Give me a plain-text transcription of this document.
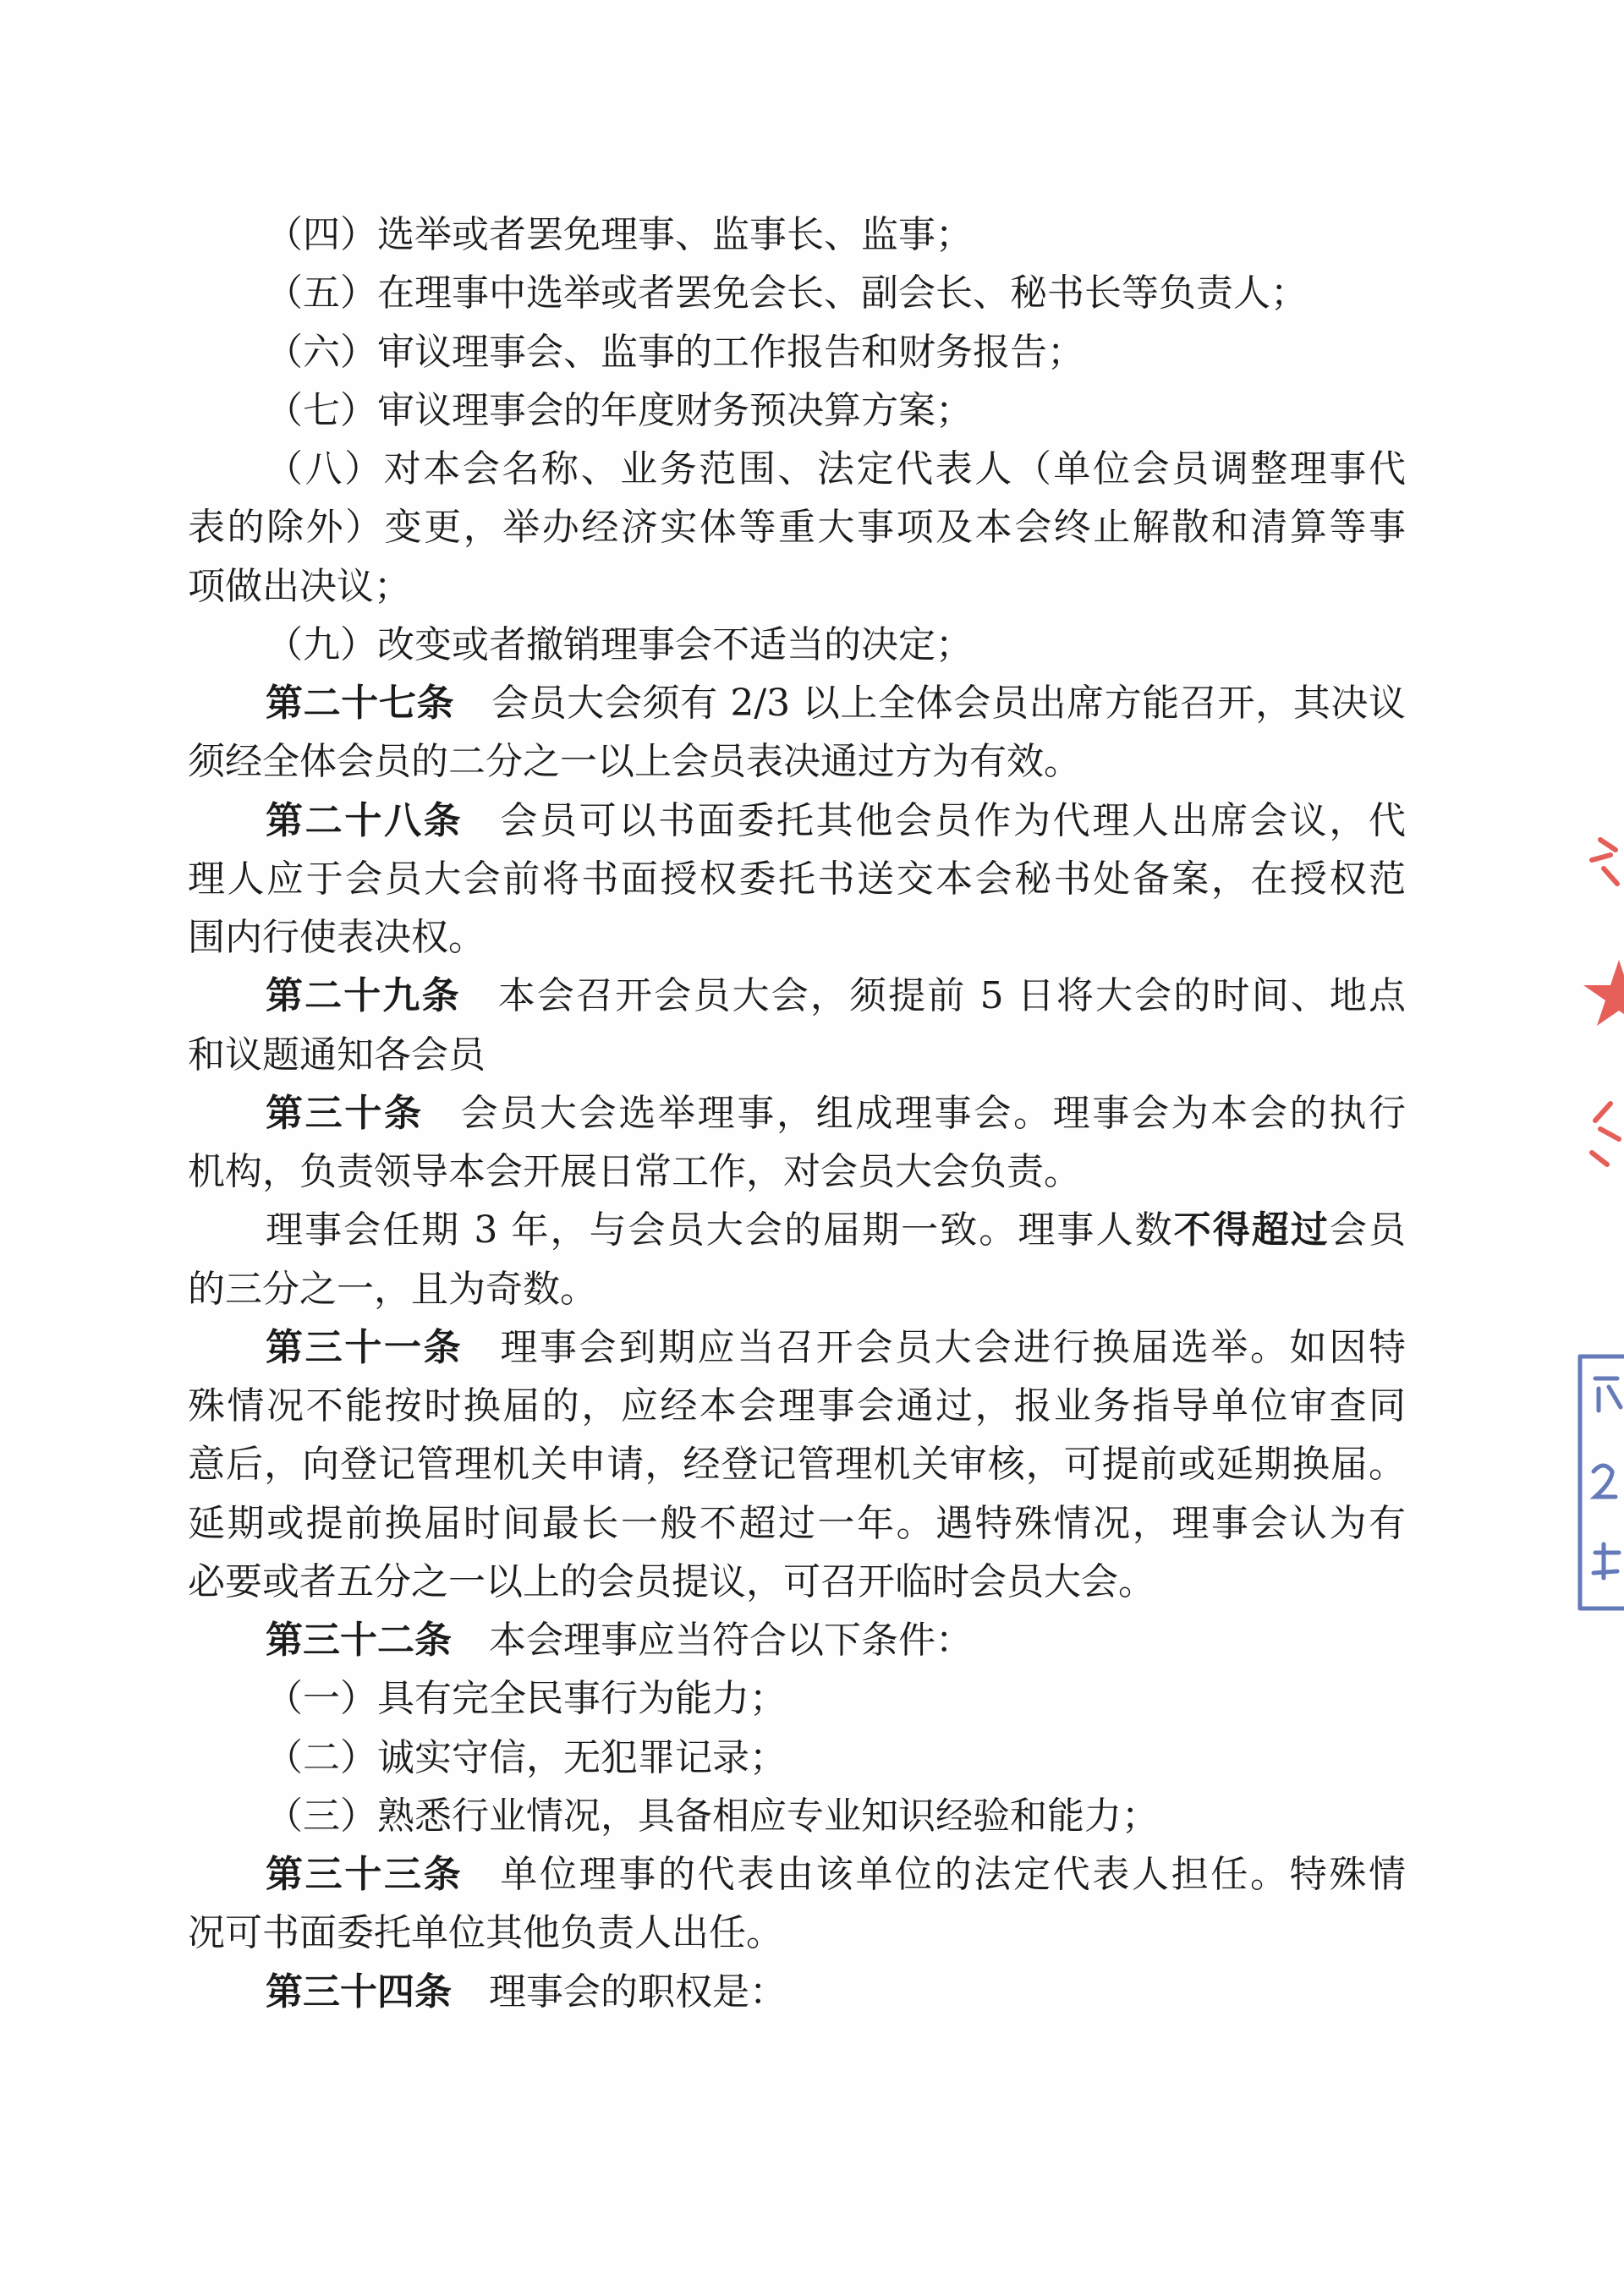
（四）选举或者罢免理事、监事长、监事；
（五）在理事中选举或者罢免会长、副会长、秘书长等负责人；
（六）审议理事会、监事的工作报告和财务报告；
（七）审议理事会的年度财务预决算方案；
（八）对本会名称、业务范围、法定代表人（单位会员调整理事代
表的除外）变更，举办经济实体等重大事项及本会终止解散和清算等事
项做出决议；
（九）改变或者撤销理事会不适当的决定；
第二十七条 会员大会须有 2/3 以上全体会员出席方能召开，其决议
须经全体会员的二分之一以上会员表决通过方为有效。
第二十八条 会员可以书面委托其他会员作为代理人出席会议，代
理人应于会员大会前将书面授权委托书送交本会秘书处备案，在授权范
围内行使表决权。
第二十九条 本会召开会员大会，须提前 5 日将大会的时间、地点
和议题通知各会员
第三十条 会员大会选举理事，组成理事会。理事会为本会的执行
机构，负责领导本会开展日常工作，对会员大会负责。
理事会任期 3 年，与会员大会的届期一致。理事人数不得超过会员
的三分之一，且为奇数。
第三十一条 理事会到期应当召开会员大会进行换届选举。如因特
殊情况不能按时换届的，应经本会理事会通过，报业务指导单位审查同
意后，向登记管理机关申请，经登记管理机关审核，可提前或延期换届。
延期或提前换届时间最长一般不超过一年。遇特殊情况，理事会认为有
必要或者五分之一以上的会员提议，可召开临时会员大会。
第三十二条 本会理事应当符合以下条件：
（一）具有完全民事行为能力；
（二）诚实守信，无犯罪记录；
（三）熟悉行业情况，具备相应专业知识经验和能力；
第三十三条 单位理事的代表由该单位的法定代表人担任。特殊情
况可书面委托单位其他负责人出任。
第三十四条 理事会的职权是：
